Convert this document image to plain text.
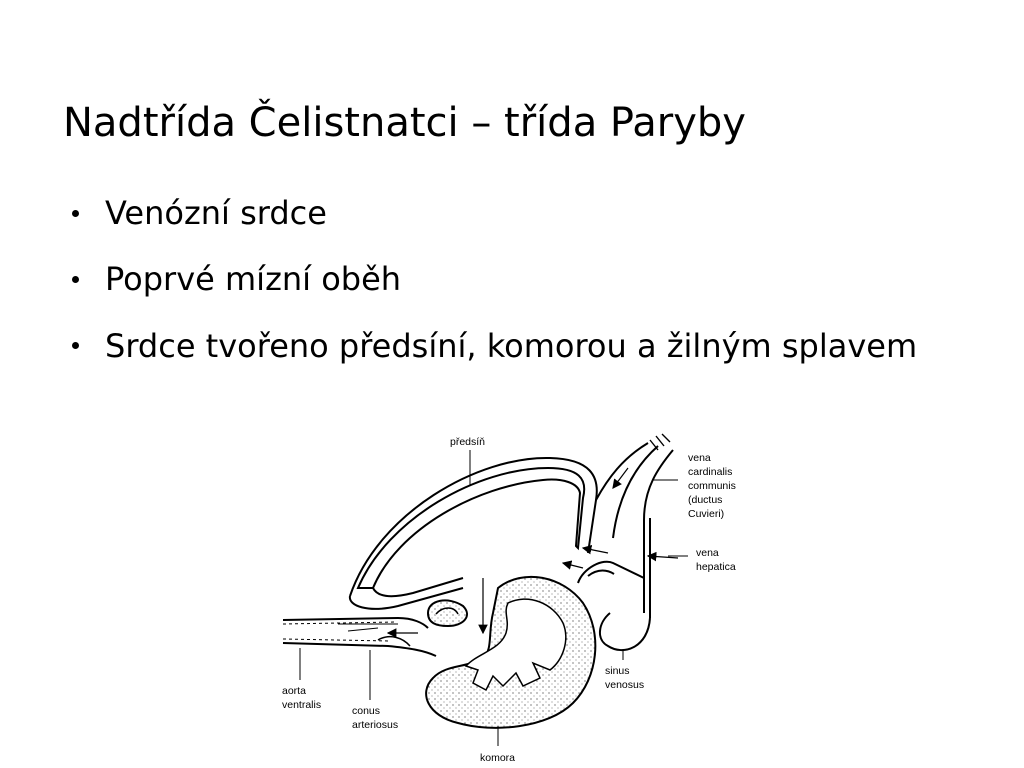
Nadtřída Čelistnatci – třída Paryby
Venózní srdce
Poprvé mízní oběh
Srdce tvořeno předsíní, komorou a žilným splavem
předsíň
vena cardinalis communis (ductus Cuvieri)
vena hepatica
sinus venosus
aorta ventralis	conus arteriosus
komora
